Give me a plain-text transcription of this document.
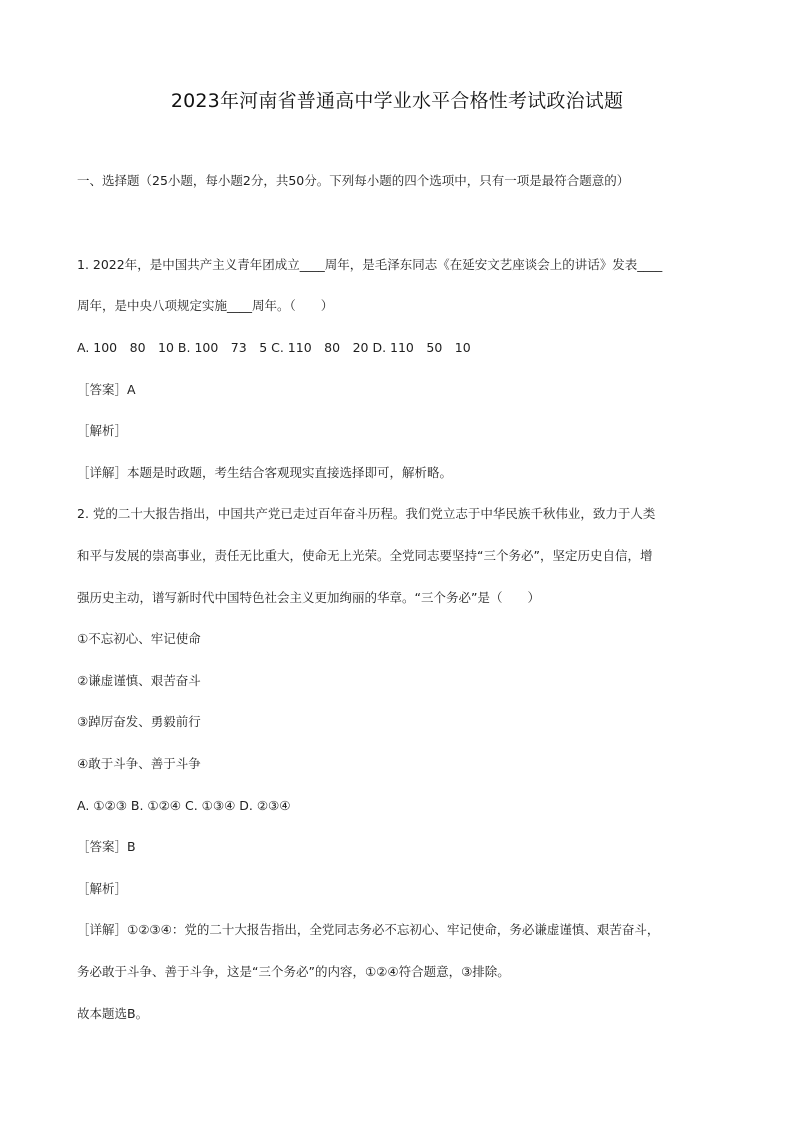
2023年河南省普通高中学业水平合格性考试政治试题
一、选择题（25小题，每小题2分，共50分。下列每小题的四个选项中，只有一项是最符合题意的）
1. 2022年，是中国共产主义青年团成立____周年，是毛泽东同志《在延安文艺座谈会上的讲话》发表____
周年，是中央八项规定实施____周年。（　　）
A. 100　80　10 B. 100　73　5 C. 110　80　20 D. 110　50　10
［答案］A
［解析］
［详解］本题是时政题，考生结合客观现实直接选择即可，解析略。
2. 党的二十大报告指出，中国共产党已走过百年奋斗历程。我们党立志于中华民族千秋伟业，致力于人类
和平与发展的崇高事业，责任无比重大，使命无上光荣。全党同志要坚持“三个务必”，坚定历史自信，增
强历史主动，谱写新时代中国特色社会主义更加绚丽的华章。“三个务必”是（　　）
①不忘初心、牢记使命
②谦虚谨慎、艰苦奋斗
③踔厉奋发、勇毅前行
④敢于斗争、善于斗争
A. ①②③ B. ①②④ C. ①③④ D. ②③④
［答案］B
［解析］
［详解］①②③④：党的二十大报告指出，全党同志务必不忘初心、牢记使命，务必谦虚谨慎、艰苦奋斗，
务必敢于斗争、善于斗争，这是“三个务必”的内容，①②④符合题意，③排除。
故本题选B。
